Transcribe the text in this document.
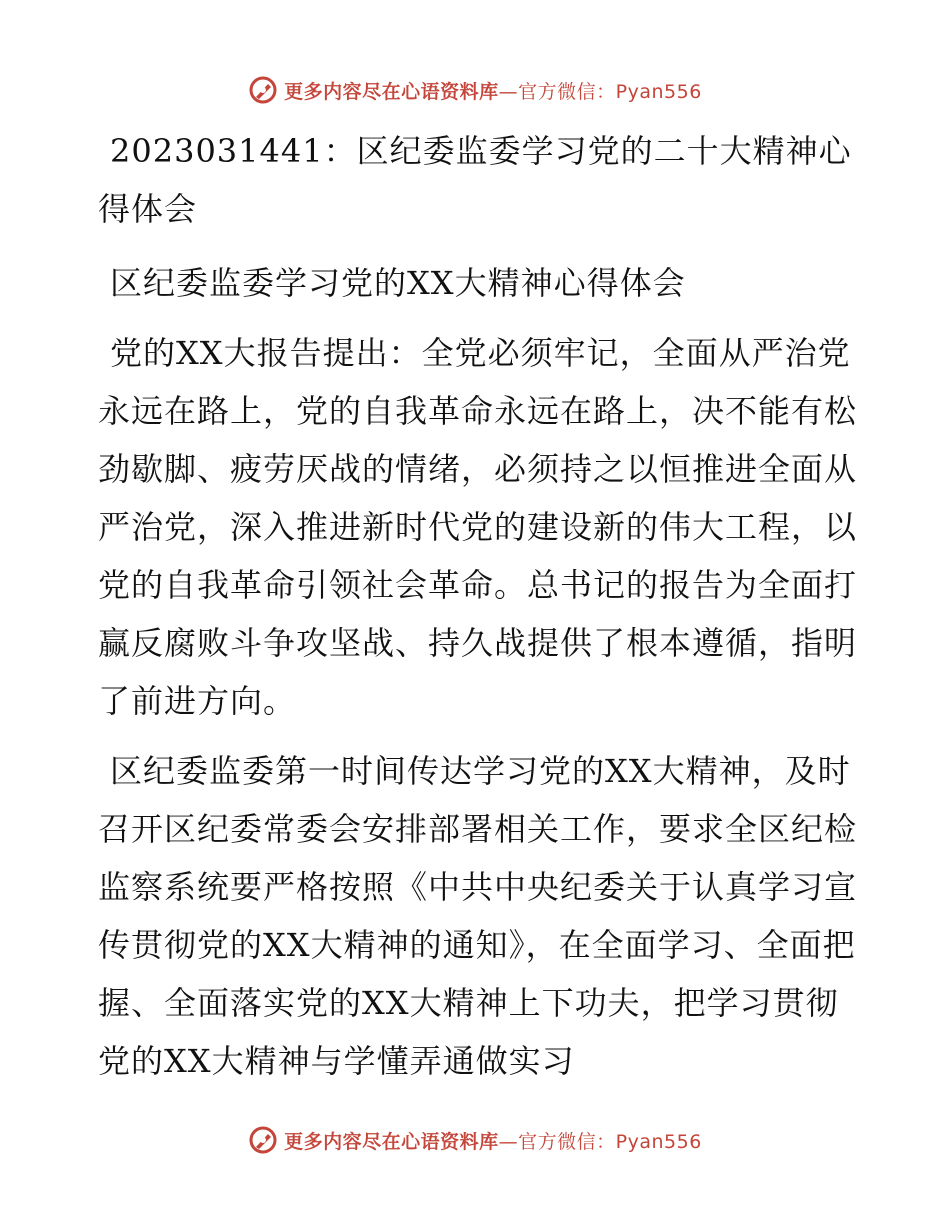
更多内容尽在心语资料库—官方微信：Pyan556

2023031441：区纪委监委学习党的二十大精神心得体会

区纪委监委学习党的XX大精神心得体会

党的XX大报告提出：全党必须牢记，全面从严治党永远在路上，党的自我革命永远在路上，决不能有松劲歇脚、疲劳厌战的情绪，必须持之以恒推进全面从严治党，深入推进新时代党的建设新的伟大工程，以党的自我革命引领社会革命。总书记的报告为全面打赢反腐败斗争攻坚战、持久战提供了根本遵循，指明了前进方向。

区纪委监委第一时间传达学习党的XX大精神，及时召开区纪委常委会安排部署相关工作，要求全区纪检监察系统要严格按照《中共中央纪委关于认真学习宣传贯彻党的XX大精神的通知》，在全面学习、全面把握、全面落实党的XX大精神上下功夫，把学习贯彻党的XX大精神与学懂弄通做实习

更多内容尽在心语资料库—官方微信：Pyan556
